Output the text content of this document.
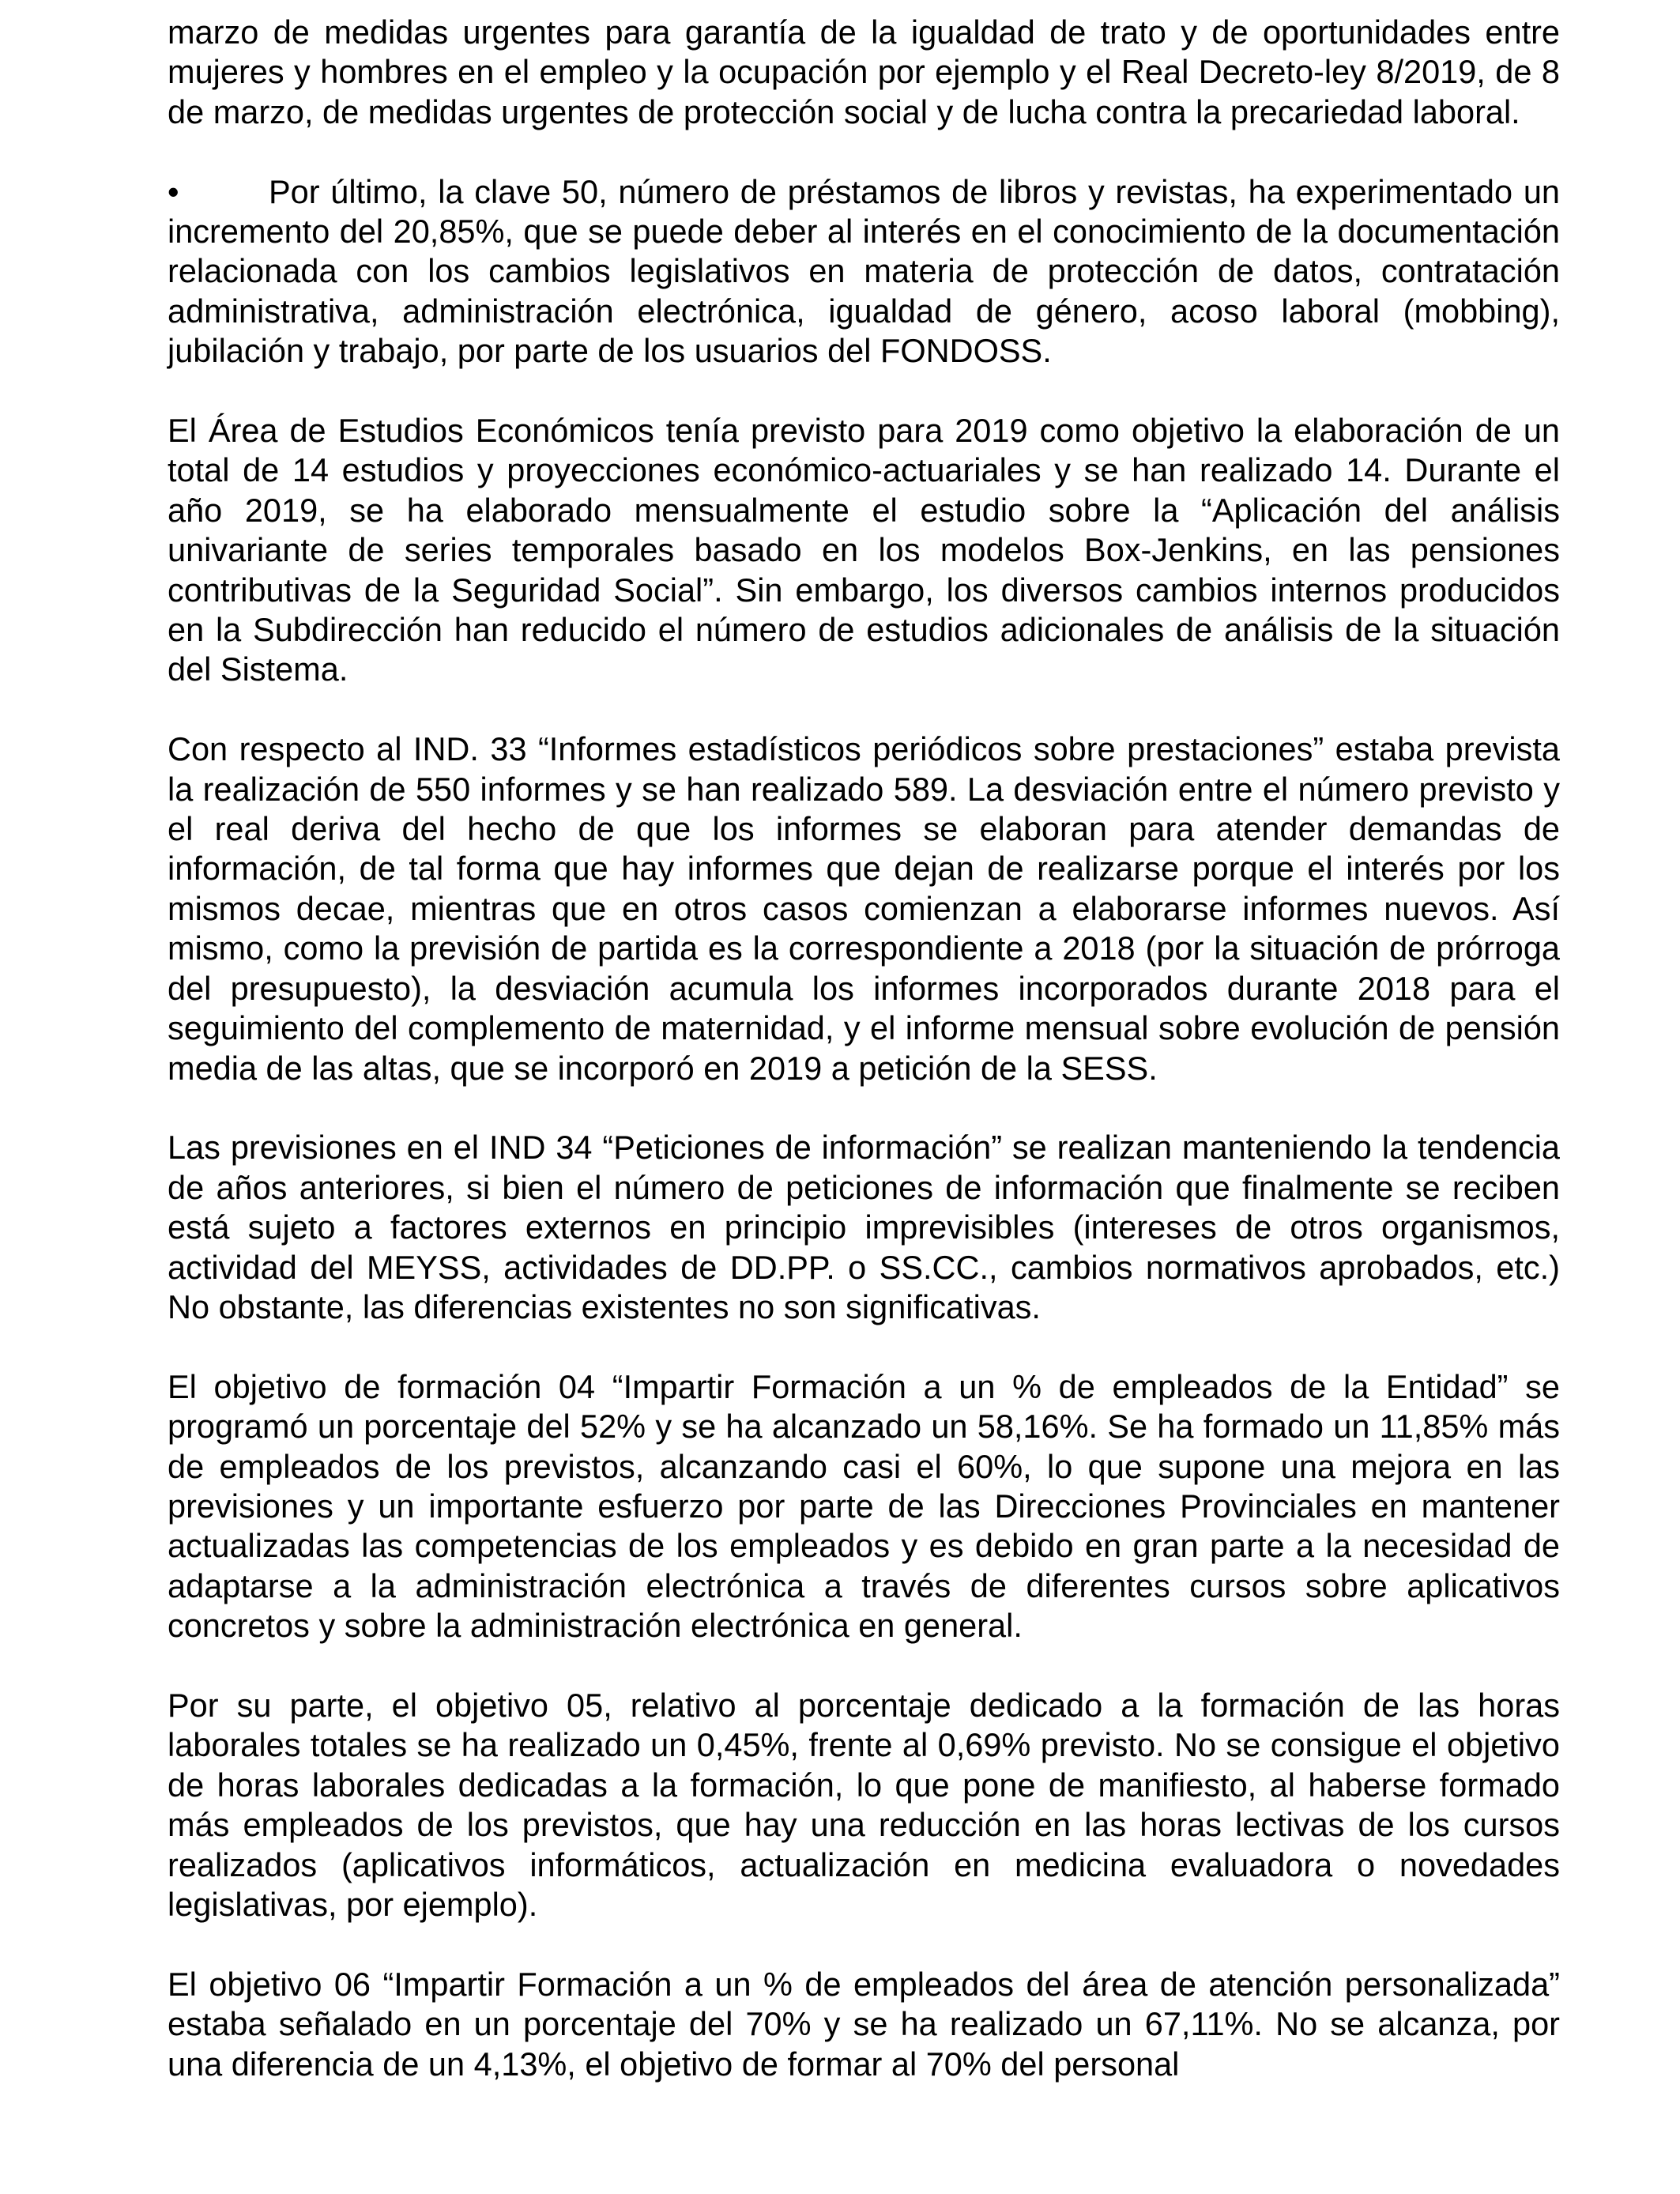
marzo de medidas urgentes para garantía de la igualdad de trato y de oportunidades entre mujeres y hombres en el empleo y la ocupación por ejemplo y el Real Decreto-ley 8/2019, de 8 de marzo, de medidas urgentes de protección social y de lucha contra la precariedad laboral.

•	Por último, la clave 50, número de préstamos de libros y revistas, ha experimentado un incremento del 20,85%, que se puede deber al interés en el conocimiento de la documentación relacionada con los cambios legislativos en materia de protección de datos, contratación administrativa, administración electrónica, igualdad de género, acoso laboral (mobbing), jubilación y trabajo, por parte de los usuarios del FONDOSS.

El Área de Estudios Económicos tenía previsto para 2019 como objetivo la elaboración de un total de 14 estudios y proyecciones económico-actuariales y se han realizado 14. Durante el año 2019, se ha elaborado mensualmente el estudio sobre la “Aplicación del análisis univariante de series temporales basado en los modelos Box-Jenkins, en las pensiones contributivas de la Seguridad Social”. Sin embargo, los diversos cambios internos producidos en la Subdirección han reducido el número de estudios adicionales de análisis de la situación del Sistema.

Con respecto al IND. 33 “Informes estadísticos periódicos sobre prestaciones” estaba prevista la realización de 550 informes y se han realizado 589. La desviación entre el número previsto y el real deriva del hecho de que los informes se elaboran para atender demandas de información, de tal forma que hay informes que dejan de realizarse porque el interés por los mismos decae, mientras que en otros casos comienzan a elaborarse informes nuevos. Así mismo, como la previsión de partida es la correspondiente a 2018 (por la situación de prórroga del presupuesto), la desviación acumula los informes incorporados durante 2018 para el seguimiento del complemento de maternidad, y el informe mensual sobre evolución de pensión media de las altas, que se incorporó en 2019 a petición de la SESS.

Las previsiones en el IND 34 “Peticiones de información” se realizan manteniendo la tendencia de años anteriores, si bien el número de peticiones de información que finalmente se reciben está sujeto a factores externos en principio imprevisibles (intereses de otros organismos, actividad del MEYSS, actividades de DD.PP. o SS.CC., cambios normativos aprobados, etc.) No obstante, las diferencias existentes no son significativas.

El objetivo de formación 04 “Impartir Formación a un % de empleados de la Entidad” se programó un porcentaje del 52% y se ha alcanzado un 58,16%. Se ha formado un 11,85% más de empleados de los previstos, alcanzando casi el 60%, lo que supone una mejora en las previsiones y un importante esfuerzo por parte de las Direcciones Provinciales en mantener actualizadas las competencias de los empleados y es debido en gran parte a la necesidad de adaptarse a la administración electrónica a través de diferentes cursos sobre aplicativos concretos y sobre la administración electrónica en general.

Por su parte, el objetivo 05, relativo al porcentaje dedicado a la formación de las horas laborales totales se ha realizado un 0,45%, frente al 0,69% previsto. No se consigue el objetivo de horas laborales dedicadas a la formación, lo que pone de manifiesto, al haberse formado más empleados de los previstos, que hay una reducción en las horas lectivas de los cursos realizados (aplicativos informáticos, actualización en medicina evaluadora o novedades legislativas, por ejemplo).

El objetivo 06 “Impartir Formación a un % de empleados del área de atención personalizada” estaba señalado en un porcentaje del 70% y se ha realizado un 67,11%. No se alcanza, por una diferencia de un 4,13%, el objetivo de formar al 70% del personal
